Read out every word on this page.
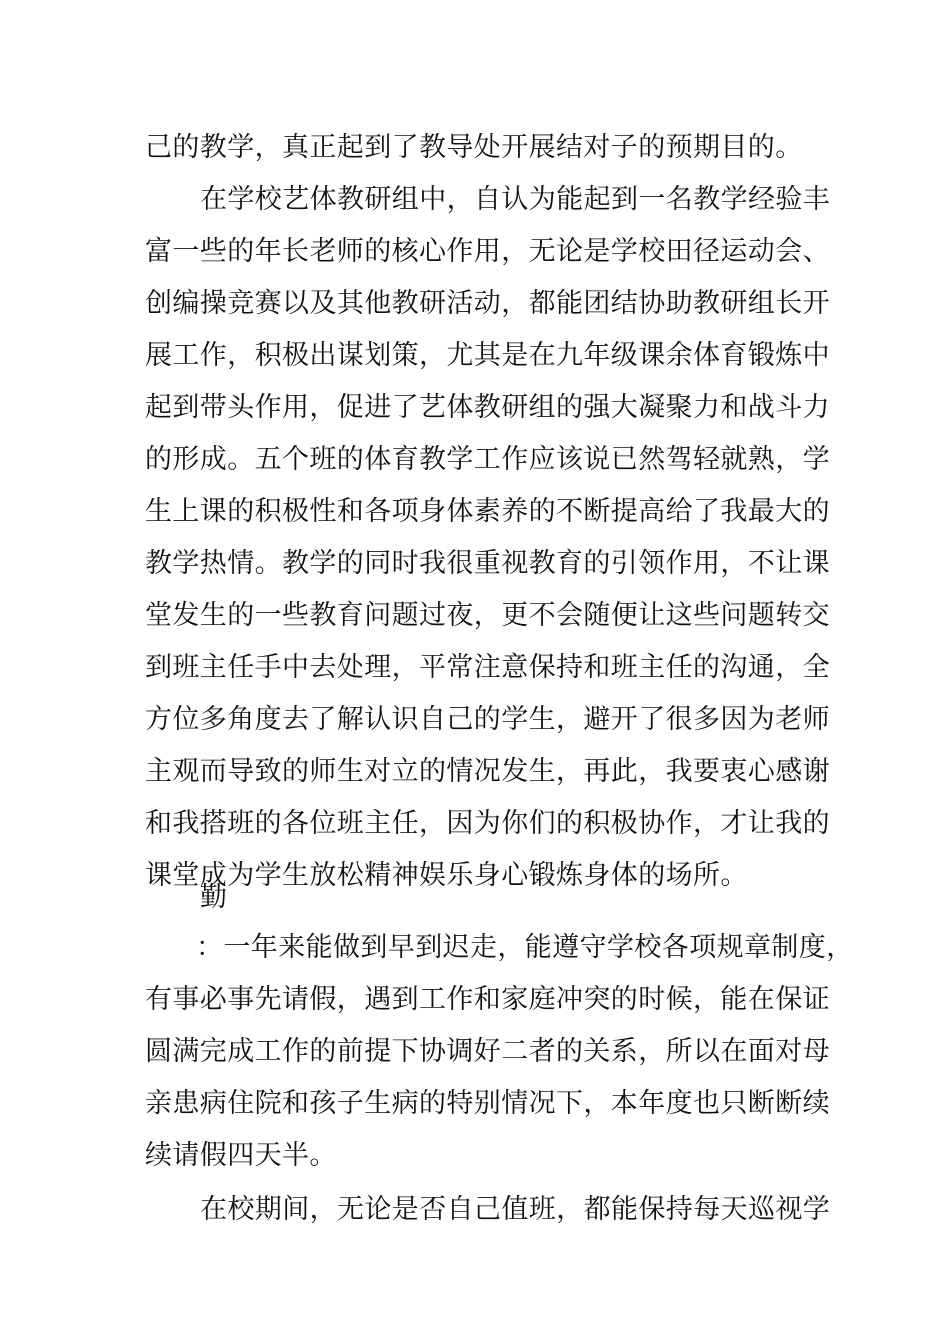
己的教学，真正起到了教导处开展结对子的预期目的。

在学校艺体教研组中，自认为能起到一名教学经验丰

富一些的年长老师的核心作用，无论是学校田径运动会、

创编操竞赛以及其他教研活动，都能团结协助教研组长开

展工作，积极出谋划策，尤其是在九年级课余体育锻炼中

起到带头作用，促进了艺体教研组的强大凝聚力和战斗力

的形成。五个班的体育教学工作应该说已然驾轻就熟，学

生上课的积极性和各项身体素养的不断提高给了我最大的

教学热情。教学的同时我很重视教育的引领作用，不让课

堂发生的一些教育问题过夜，更不会随便让这些问题转交

到班主任手中去处理，平常注意保持和班主任的沟通，全

方位多角度去了解认识自己的学生，避开了很多因为老师

主观而导致的师生对立的情况发生，再此，我要衷心感谢

和我搭班的各位班主任，因为你们的积极协作，才让我的

课堂成为学生放松精神娱乐身心锻炼身体的场所。

勤

：一年来能做到早到迟走，能遵守学校各项规章制度，

有事必事先请假，遇到工作和家庭冲突的时候，能在保证

圆满完成工作的前提下协调好二者的关系，所以在面对母

亲患病住院和孩子生病的特别情况下，本年度也只断断续

续请假四天半。

在校期间，无论是否自己值班，都能保持每天巡视学
